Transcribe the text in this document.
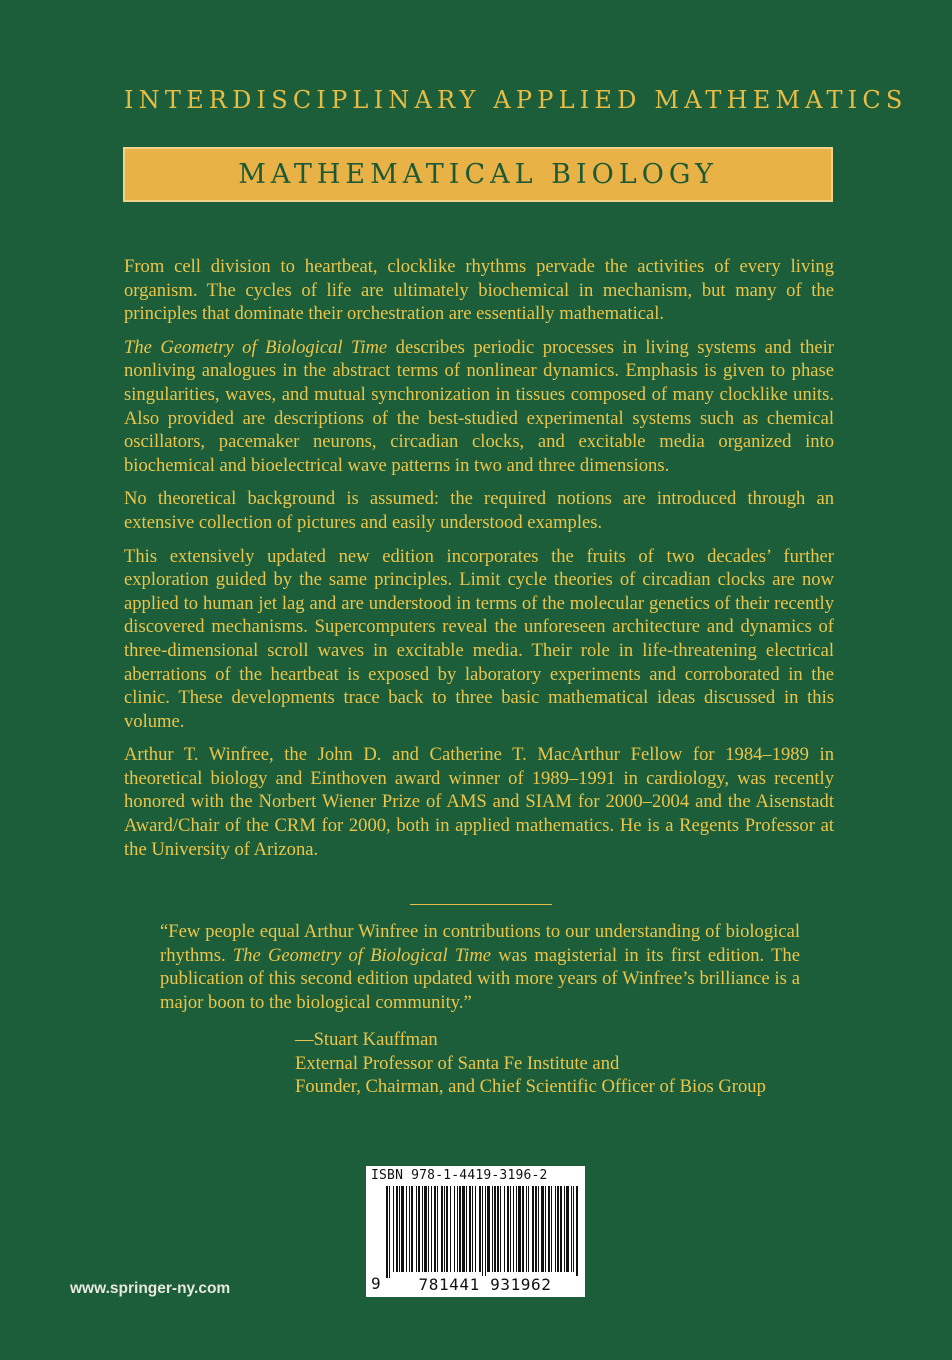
INTERDISCIPLINARY APPLIED MATHEMATICS
MATHEMATICAL BIOLOGY

From cell division to heartbeat, clocklike rhythms pervade the activities of every living organism. The cycles of life are ultimately biochemical in mechanism, but many of the principles that dominate their orchestration are essentially mathematical.

The Geometry of Biological Time describes periodic processes in living systems and their nonliving analogues in the abstract terms of nonlinear dynamics. Emphasis is given to phase singularities, waves, and mutual synchronization in tissues composed of many clocklike units. Also provided are descriptions of the best-studied experimental systems such as chemical oscillators, pacemaker neurons, circadian clocks, and excitable media organized into biochemical and bioelectrical wave patterns in two and three dimensions.

No theoretical background is assumed: the required notions are introduced through an extensive collection of pictures and easily understood examples.

This extensively updated new edition incorporates the fruits of two decades’ further exploration guided by the same principles. Limit cycle theories of circadian clocks are now applied to human jet lag and are understood in terms of the molecular genetics of their recently discovered mechanisms. Supercomputers reveal the unforeseen architecture and dynamics of three-dimensional scroll waves in excitable media. Their role in life-threatening electrical aberrations of the heartbeat is exposed by laboratory experiments and corroborated in the clinic. These developments trace back to three basic mathematical ideas discussed in this volume.

Arthur T. Winfree, the John D. and Catherine T. MacArthur Fellow for 1984–1989 in theoretical biology and Einthoven award winner of 1989–1991 in cardiology, was recently honored with the Norbert Wiener Prize of AMS and SIAM for 2000–2004 and the Aisenstadt Award/Chair of the CRM for 2000, both in applied mathematics. He is a Regents Professor at the University of Arizona.

“Few people equal Arthur Winfree in contributions to our understanding of biological rhythms. The Geometry of Biological Time was magisterial in its first edition. The publication of this second edition updated with more years of Winfree’s brilliance is a major boon to the biological community.”
—Stuart Kauffman
External Professor of Santa Fe Institute and
Founder, Chairman, and Chief Scientific Officer of Bios Group
ISBN 978-1-4419-3196-2
9	781441 931962
www.springer-ny.com
